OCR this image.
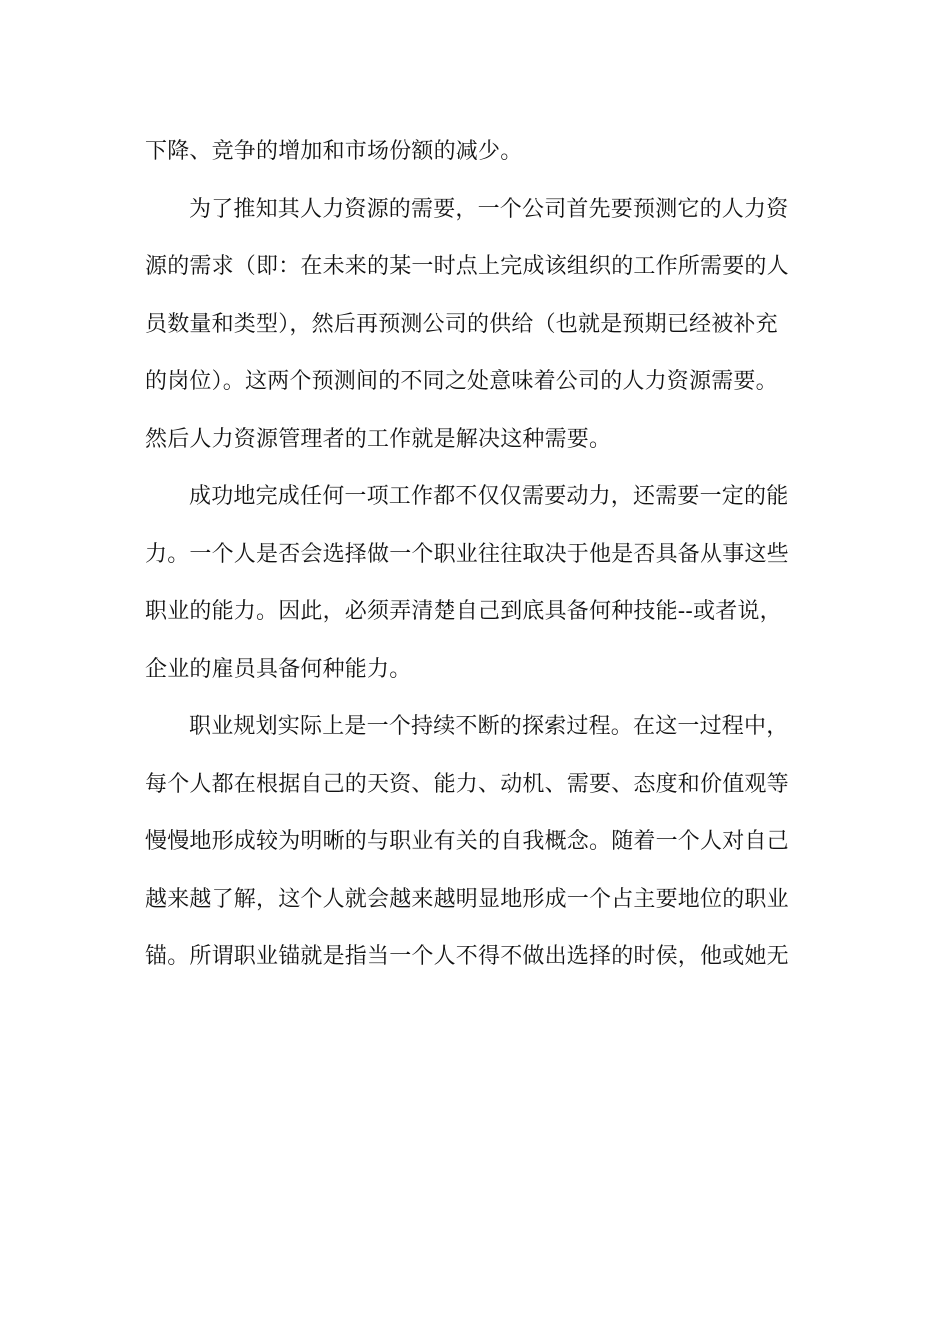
下降、竞争的增加和市场份额的减少。
为了推知其人力资源的需要，一个公司首先要预测它的人力资
源的需求（即：在未来的某一时点上完成该组织的工作所需要的人
员数量和类型），然后再预测公司的供给（也就是预期已经被补充
的岗位）。这两个预测间的不同之处意味着公司的人力资源需要。
然后人力资源管理者的工作就是解决这种需要。
成功地完成任何一项工作都不仅仅需要动力，还需要一定的能
力。一个人是否会选择做一个职业往往取决于他是否具备从事这些
职业的能力。因此，必须弄清楚自己到底具备何种技能--或者说，
企业的雇员具备何种能力。
职业规划实际上是一个持续不断的探索过程。在这一过程中，
每个人都在根据自己的天资、能力、动机、需要、态度和价值观等
慢慢地形成较为明晰的与职业有关的自我概念。随着一个人对自己
越来越了解，这个人就会越来越明显地形成一个占主要地位的职业
锚。所谓职业锚就是指当一个人不得不做出选择的时侯，他或她无
